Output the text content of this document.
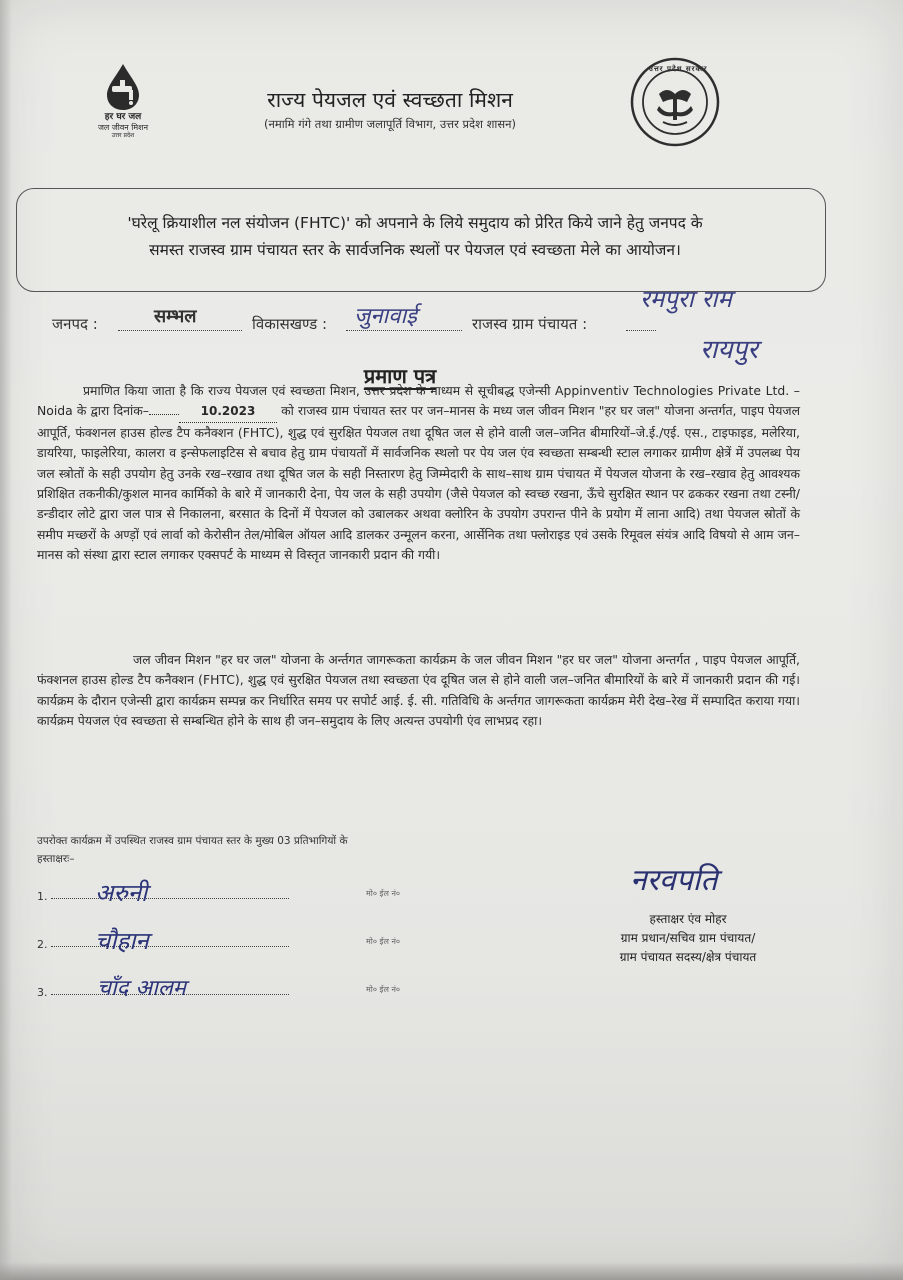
हर घर जल
जल जीवन मिशन
उत्तर प्रदेश
राज्य पेयजल एवं स्वच्छता मिशन
(नमामि गंगे तथा ग्रामीण जलापूर्ति विभाग, उत्तर प्रदेश शासन)
उत्तर प्रदेश सरकार
'घरेलू क्रियाशील नल संयोजन (FHTC)' को अपनाने के लिये समुदाय को प्रेरित किये जाने हेतु जनपद के
समस्त राजस्व ग्राम पंचायत स्तर के सार्वजनिक स्थलों पर पेयजल एवं स्वच्छता मेले का आयोजन।
जनपद :	सम्भल	विकासखण्ड : जुनावाई	राजस्व ग्राम पंचायत :
रमपुरा राम
रायपुर
प्रमाण पत्र
प्रमाणित किया जाता है कि राज्य पेयजल एवं स्वच्छता मिशन, उत्तर प्रदेश के माध्यम से सूचीबद्ध एजेन्सी Appinventiv Technologies Private Ltd. – Noida के द्वारा दिनांक–	10.2023 को राजस्व ग्राम पंचायत स्तर पर जन–मानस के मध्य जल जीवन मिशन "हर घर जल" योजना अन्तर्गत, पाइप पेयजल आपूर्ति, फंक्शनल हाउस होल्ड टैप कनैक्शन (FHTC), शुद्ध एवं सुरक्षित पेयजल तथा दूषित जल से होने वाली जल–जनित बीमारियों–जे.ई./एई. एस., टाइफाइड, मलेरिया, डायरिया, फाइलेरिया, कालरा व इन्सेफलाइटिस से बचाव हेतु ग्राम पंचायतों में सार्वजनिक स्थलो पर पेय जल एंव स्वच्छता सम्बन्धी स्टाल लगाकर ग्रामीण क्षेत्रें में उपलब्ध पेय जल स्त्रोतों के सही उपयोग हेतु उनके रख–रखाव तथा दूषित जल के सही निस्तारण हेतु जिम्मेदारी के साथ–साथ ग्राम पंचायत में पेयजल योजना के रख–रखाव हेतु आवश्यक प्रशिक्षित तकनीकी/कुशल मानव कार्मिको के बारे में जानकारी देना, पेय जल के सही उपयोग (जैसे पेयजल को स्वच्छ रखना, ऊँचे सुरक्षित स्थान पर ढककर रखना तथा टस्नी/डन्डीदार लोटे द्वारा जल पात्र से निकालना, बरसात के दिनों में पेयजल को उबालकर अथवा क्लोरिन के उपयोग उपरान्त पीने के प्रयोग में लाना आदि) तथा पेयजल स्रोतों के समीप मच्छरों के अण्ड़ों एवं लार्वा को केरोसीन तेल/मोबिल ऑयल आदि डालकर उन्मूलन करना, आर्सेनिक तथा फ्लोराइड एवं उसके रिमूवल संयंत्र आदि विषयो से आम जन–मानस को संस्था द्वारा स्टाल लगाकर एक्सपर्ट के माध्यम से विस्तृत जानकारी प्रदान की गयी।
जल जीवन मिशन "हर घर जल" योजना के अर्न्तगत जागरूकता कार्यक्रम के जल जीवन मिशन "हर घर जल" योजना अन्तर्गत , पाइप पेयजल आपूर्ति, फंक्शनल हाउस होल्ड टैप कनैक्शन (FHTC), शुद्ध एवं सुरक्षित पेयजल तथा स्वच्छता एंव दूषित जल से होने वाली जल–जनित बीमारियों के बारे में जानकारी प्रदान की गई। कार्यक्रम के दौरान एजेन्सी द्वारा कार्यक्रम सम्पन्न कर निर्धारित समय पर सपोर्ट आई. ई. सी. गतिविधि के अर्न्तगत जागरूकता कार्यक्रम मेरी देख–रेख में सम्पादित कराया गया। कार्यक्रम पेयजल एंव स्वच्छता से सम्बन्धित होने के साथ ही जन–समुदाय के लिए अत्यन्त उपयोगी एंव लाभप्रद रहा।
उपरोक्त कार्यक्रम में उपस्थित राजस्व ग्राम पंचायत स्तर के मुख्य 03 प्रतिभागियों के
हस्ताक्षरः–
1. अरुनी	मो० ईल नं०
2. चौहान	मो० ईल नं०
3. चाँद आलम	मो० ईल नं०
नरवपति
हस्ताक्षर एंव मोहर
ग्राम प्रधान/सचिव ग्राम पंचायत/
ग्राम पंचायत सदस्य/क्षेत्र पंचायत
